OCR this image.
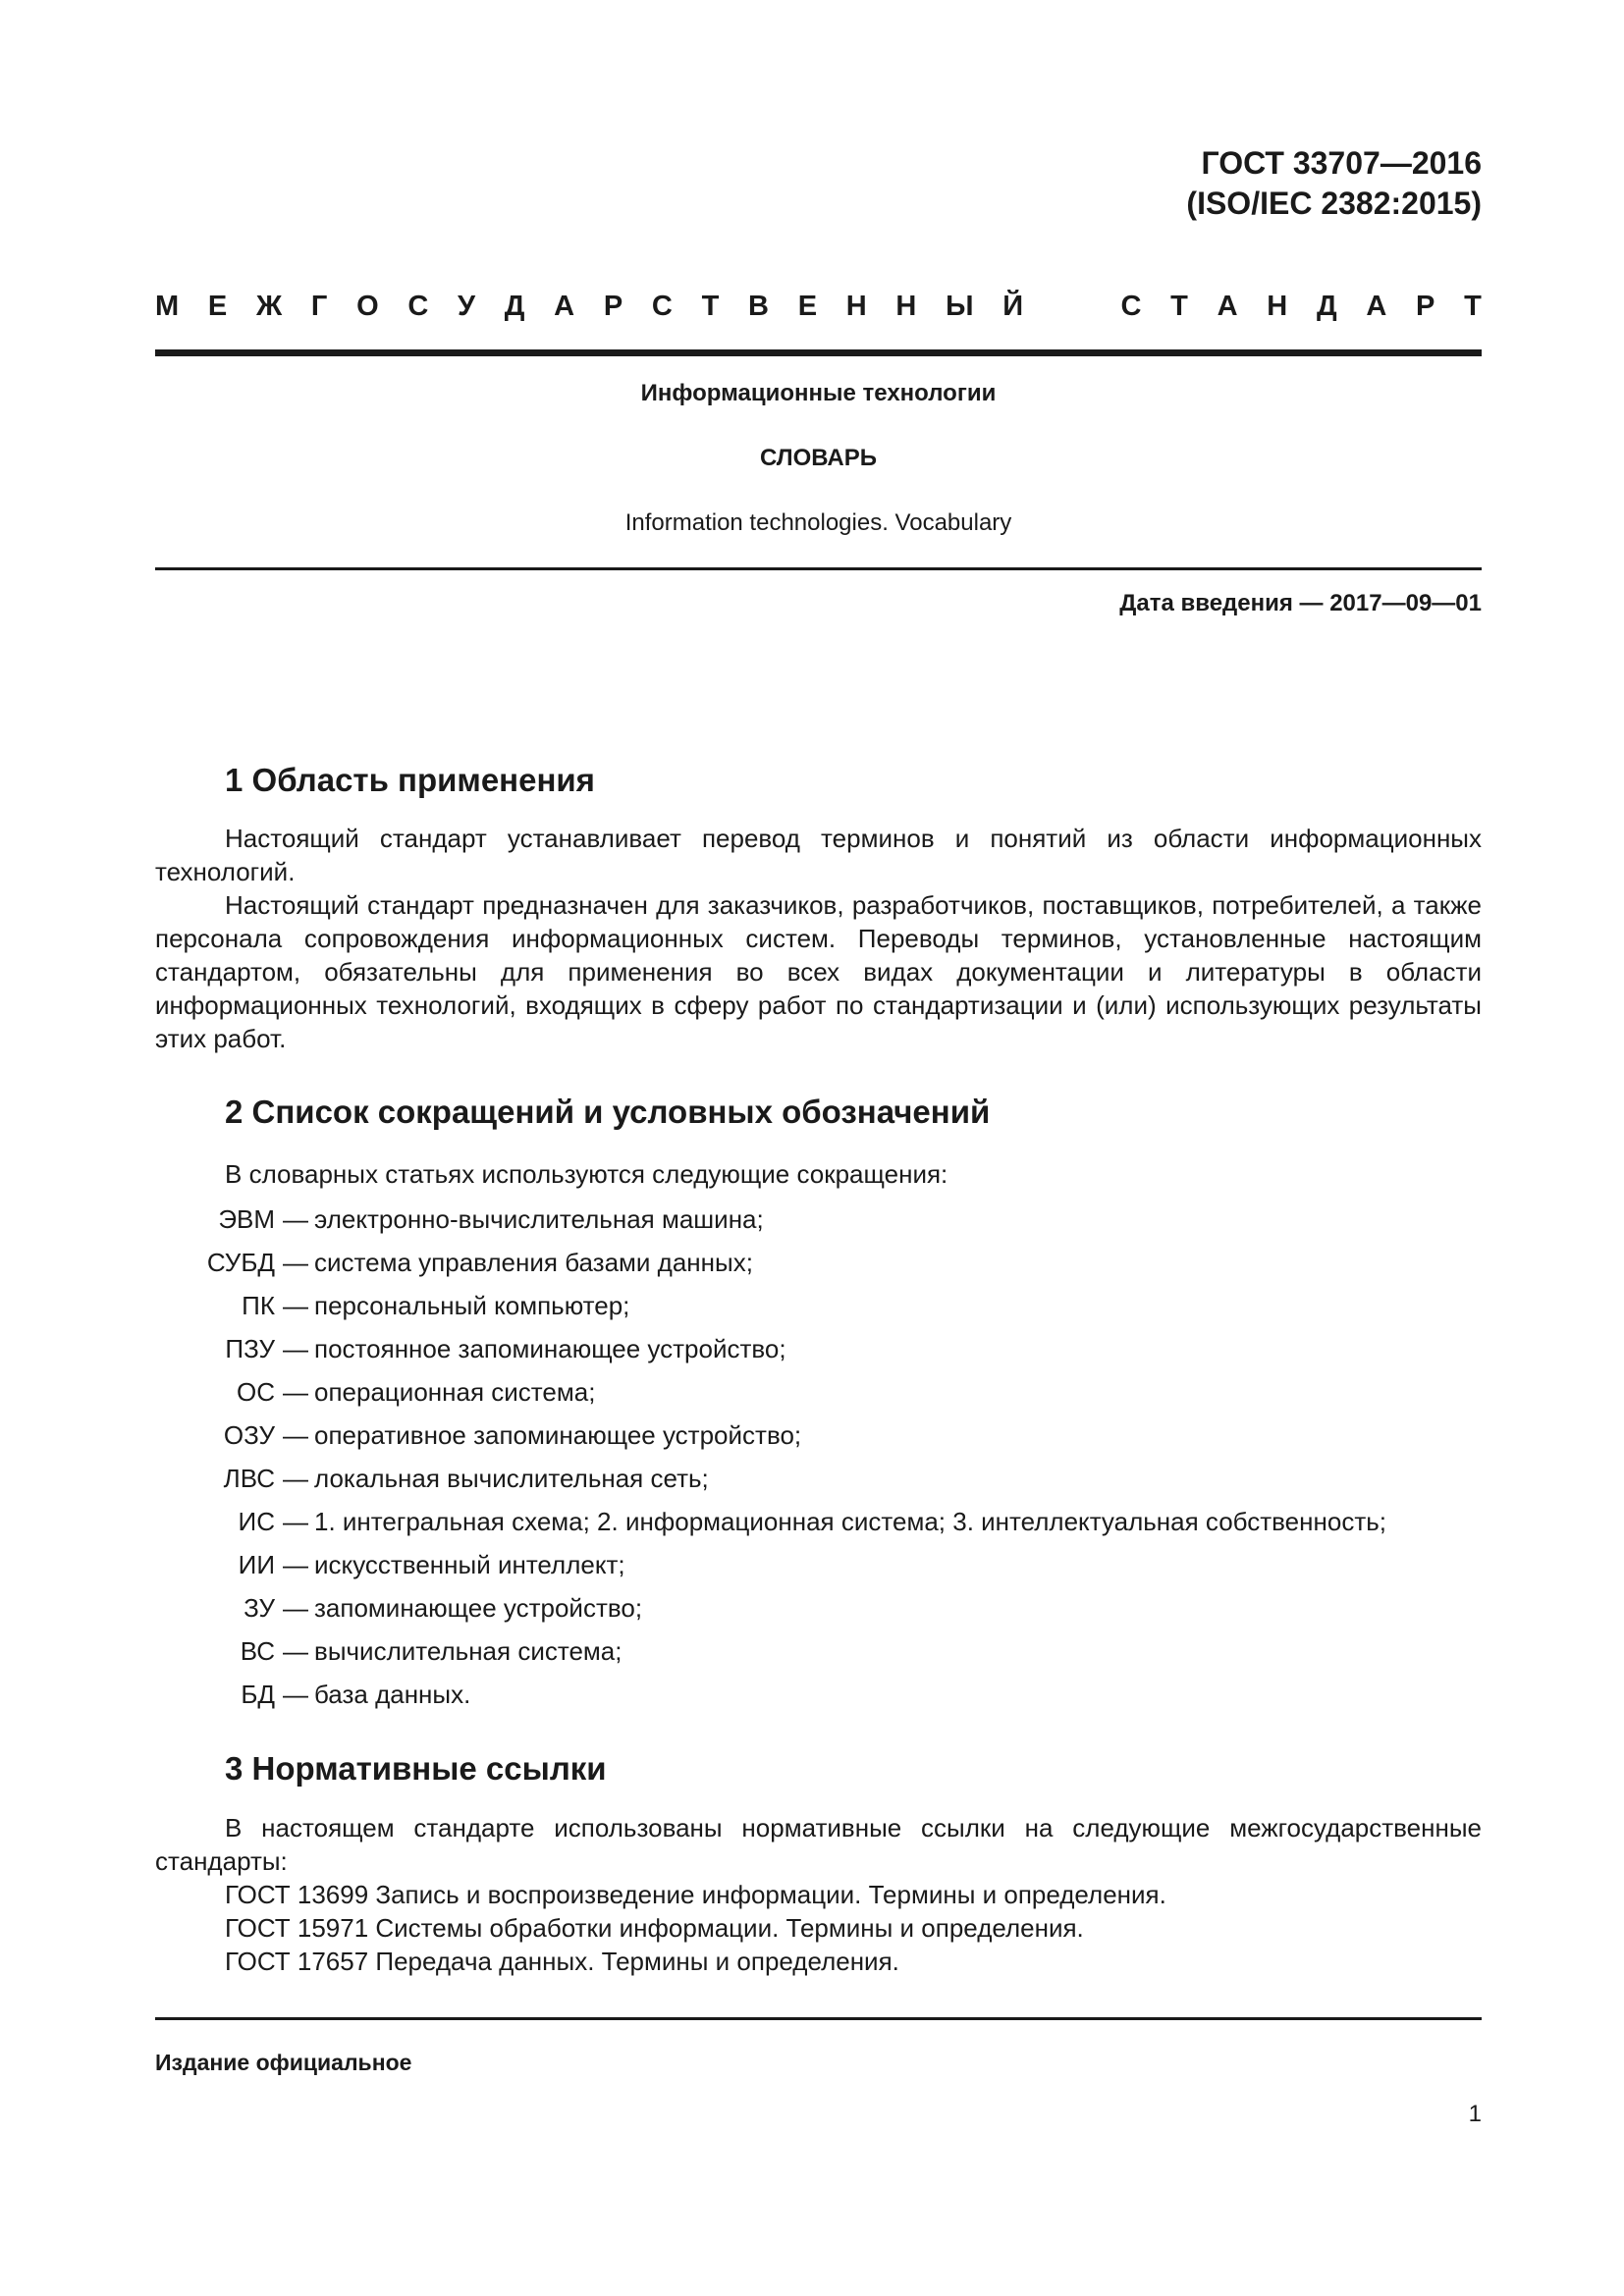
ГОСТ 33707—2016
(ISO/IEC 2382:2015)
М Е Ж Г О С У Д А Р С Т В Е Н Н Ы Й	С Т А Н Д А Р Т
Информационные технологии
СЛОВАРЬ
Information technologies. Vocabulary
Дата введения — 2017—09—01
1 Область применения

Настоящий стандарт устанавливает перевод терминов и понятий из области информационных технологий.

Настоящий стандарт предназначен для заказчиков, разработчиков, поставщиков, потребителей, а также персонала сопровождения информационных систем. Переводы терминов, установленные настоящим стандартом, обязательны для применения во всех видах документации и литературы в области информационных технологий, входящих в сферу работ по стандартизации и (или) использующих результаты этих работ.

2 Список сокращений и условных обозначений
В словарных статьях используются следующие сокращения:
ЭВМ — электронно-вычислительная машина;
СУБД — система управления базами данных;
ПК — персональный компьютер;
ПЗУ — постоянное запоминающее устройство;
ОС — операционная система;
ОЗУ — оперативное запоминающее устройство;
ЛВС — локальная вычислительная сеть;
ИС — 1. интегральная схема; 2. информационная система; 3. интеллектуальная собственность;
ИИ — искусственный интеллект;
ЗУ — запоминающее устройство;
ВС — вычислительная система;
БД — база данных.
3 Нормативные ссылки

В настоящем стандарте использованы нормативные ссылки на следующие межгосударственные стандарты:

ГОСТ 13699 Запись и воспроизведение информации. Термины и определения.
ГОСТ 15971 Системы обработки информации. Термины и определения.
ГОСТ 17657 Передача данных. Термины и определения.
Издание официальное
1
